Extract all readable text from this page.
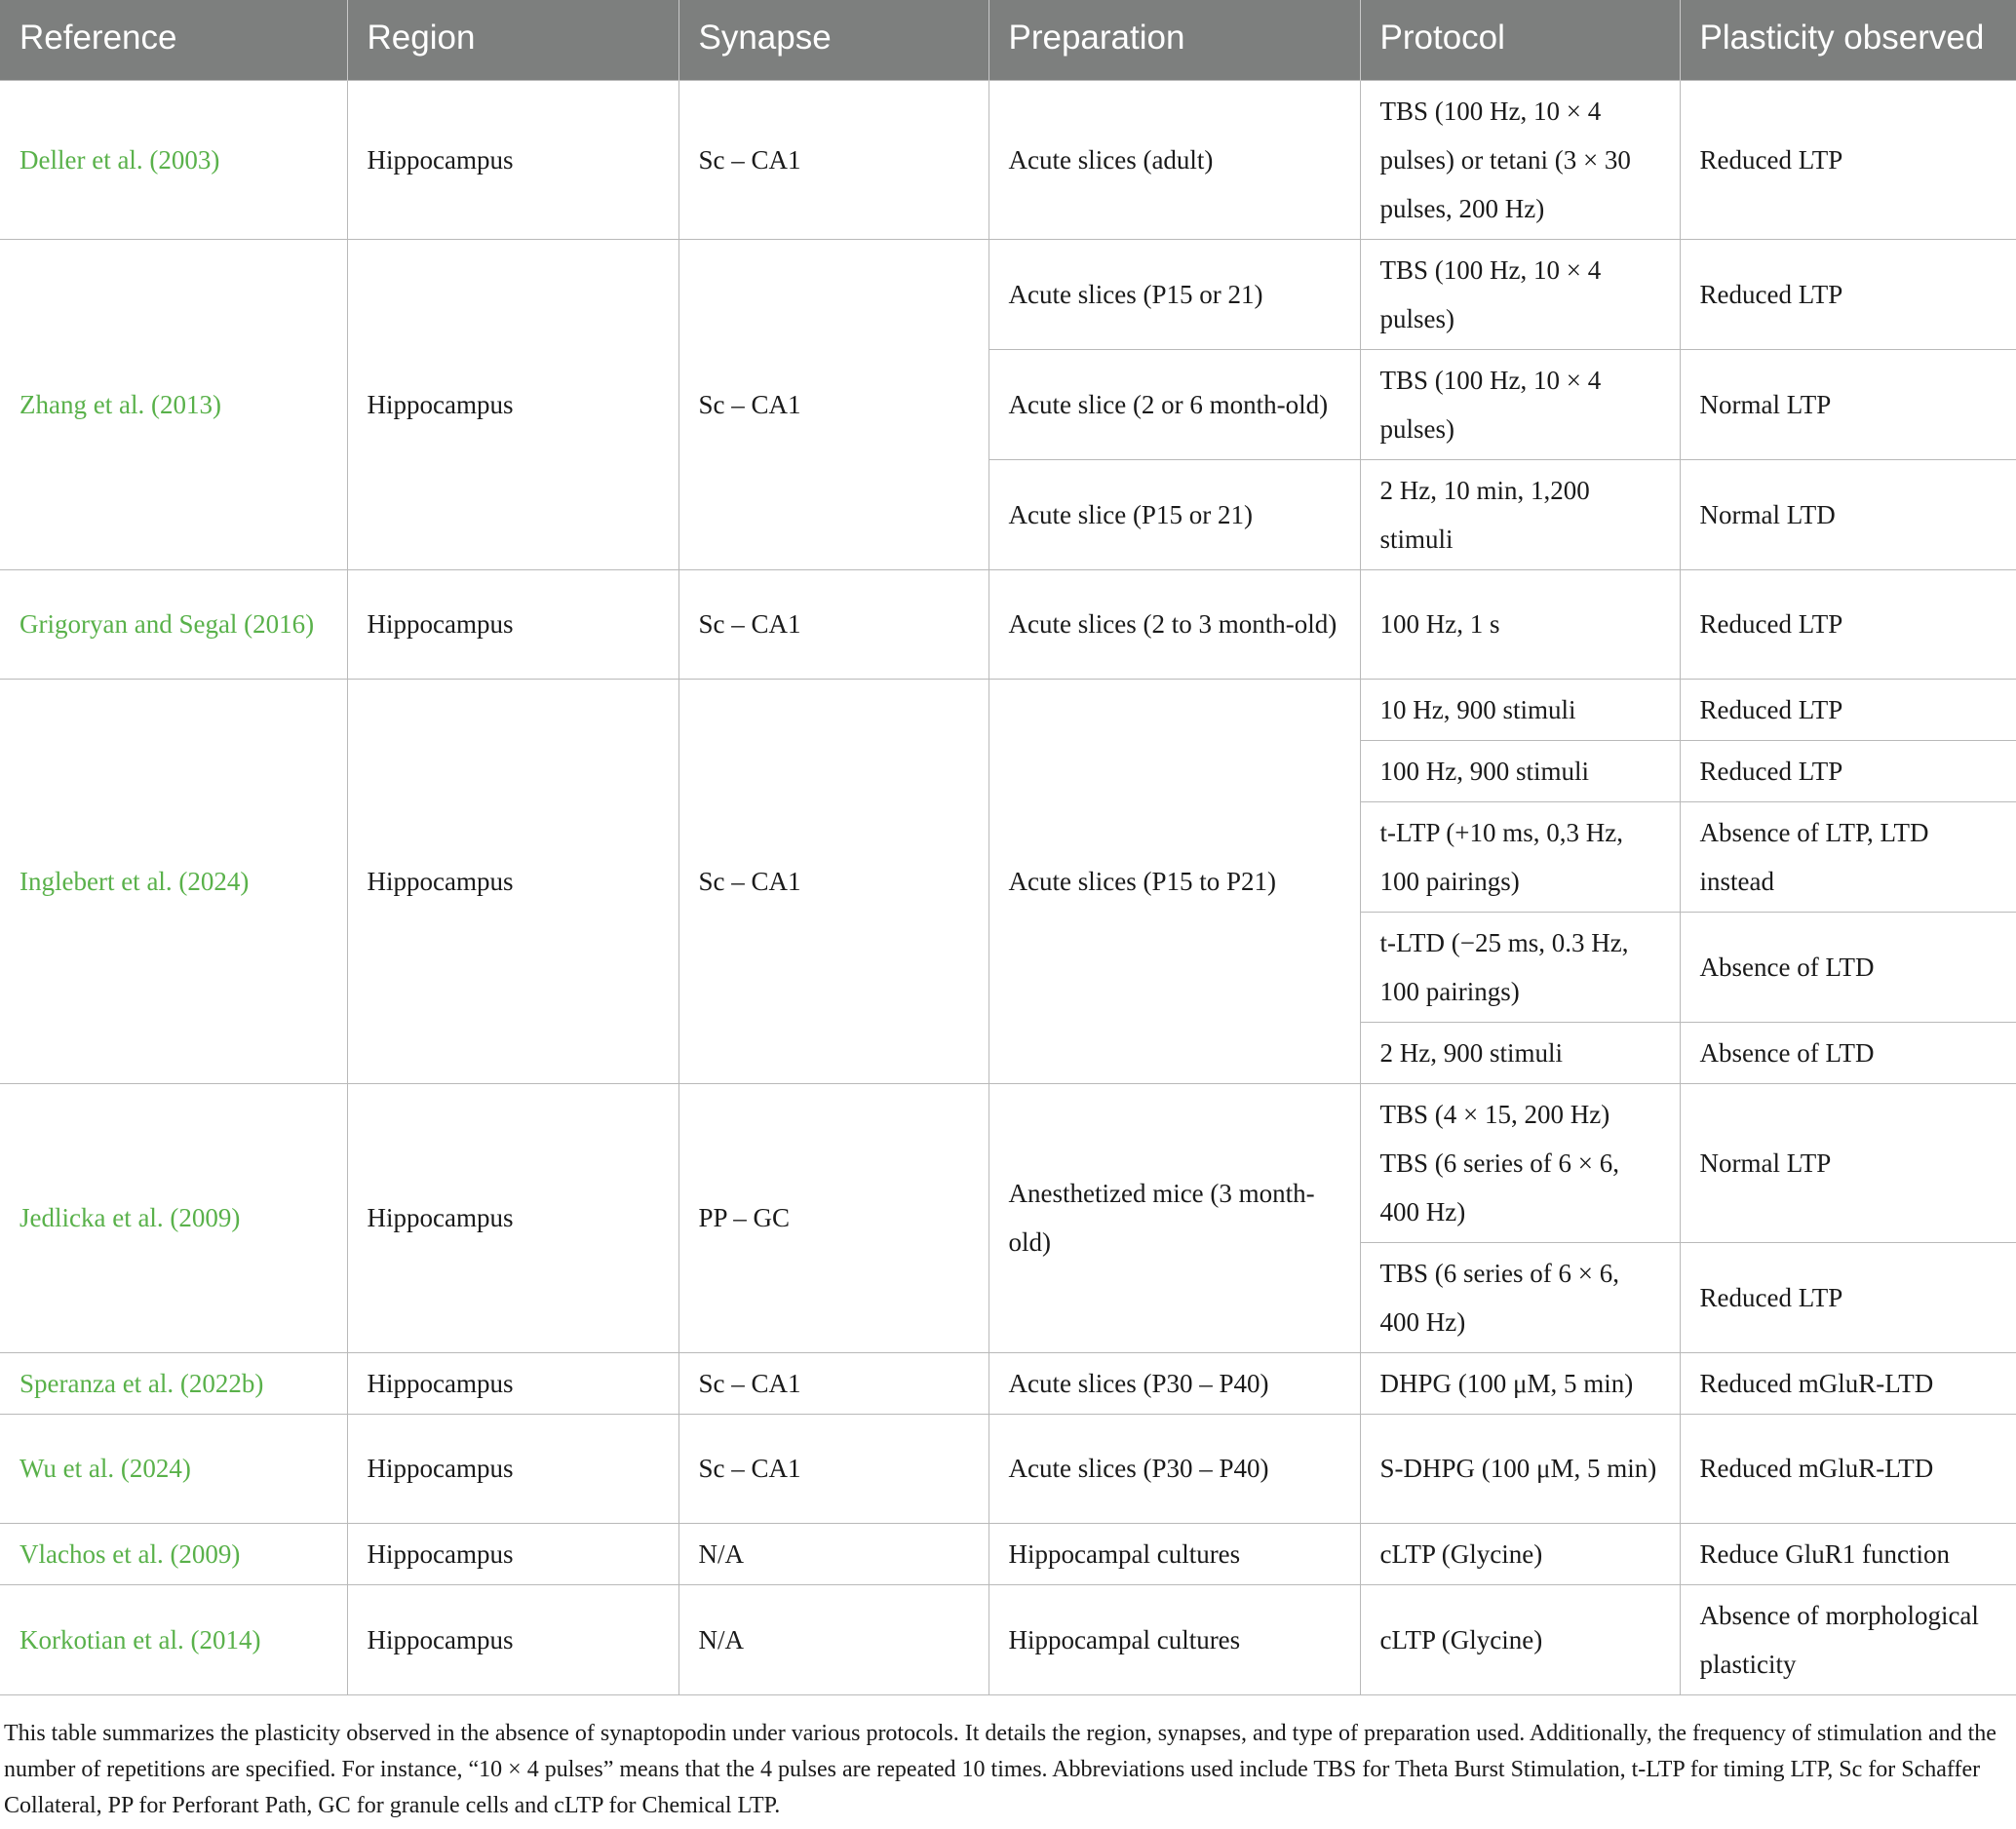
Reference	Region	Synapse	Preparation	Protocol	Plasticity observed
Deller et al. (2003)	Hippocampus	Sc – CA1	Acute slices (adult)	TBS (100 Hz, 10 × 4 pulses) or tetani (3 × 30 pulses, 200 Hz)	Reduced LTP
Zhang et al. (2013)	Hippocampus	Sc – CA1	Acute slices (P15 or 21)	TBS (100 Hz, 10 × 4 pulses)	Reduced LTP
			Acute slice (2 or 6 month-old)	TBS (100 Hz, 10 × 4 pulses)	Normal LTP
			Acute slice (P15 or 21)	2 Hz, 10 min, 1,200 stimuli	Normal LTD
Grigoryan and Segal (2016)	Hippocampus	Sc – CA1	Acute slices (2 to 3 month-old)	100 Hz, 1 s	Reduced LTP
Inglebert et al. (2024)	Hippocampus	Sc – CA1	Acute slices (P15 to P21)	10 Hz, 900 stimuli	Reduced LTP
				100 Hz, 900 stimuli	Reduced LTP
				t-LTP (+10 ms, 0,3 Hz, 100 pairings)	Absence of LTP, LTD instead
				t-LTD (−25 ms, 0.3 Hz, 100 pairings)	Absence of LTD
				2 Hz, 900 stimuli	Absence of LTD
Jedlicka et al. (2009)	Hippocampus	PP – GC	Anesthetized mice (3 month-old)	TBS (4 × 15, 200 Hz) TBS (6 series of 6 × 6, 400 Hz)	Normal LTP
				TBS (6 series of 6 × 6, 400 Hz)	Reduced LTP
Speranza et al. (2022b)	Hippocampus	Sc – CA1	Acute slices (P30 – P40)	DHPG (100 μM, 5 min)	Reduced mGluR-LTD
Wu et al. (2024)	Hippocampus	Sc – CA1	Acute slices (P30 – P40)	S-DHPG (100 μM, 5 min)	Reduced mGluR-LTD
Vlachos et al. (2009)	Hippocampus	N/A	Hippocampal cultures	cLTP (Glycine)	Reduce GluR1 function
Korkotian et al. (2014)	Hippocampus	N/A	Hippocampal cultures	cLTP (Glycine)	Absence of morphological plasticity
This table summarizes the plasticity observed in the absence of synaptopodin under various protocols. It details the region, synapses, and type of preparation used. Additionally, the frequency of stimulation and the number of repetitions are specified. For instance, “10 × 4 pulses” means that the 4 pulses are repeated 10 times. Abbreviations used include TBS for Theta Burst Stimulation, t-LTP for timing LTP, Sc for Schaffer Collateral, PP for Perforant Path, GC for granule cells and cLTP for Chemical LTP.
